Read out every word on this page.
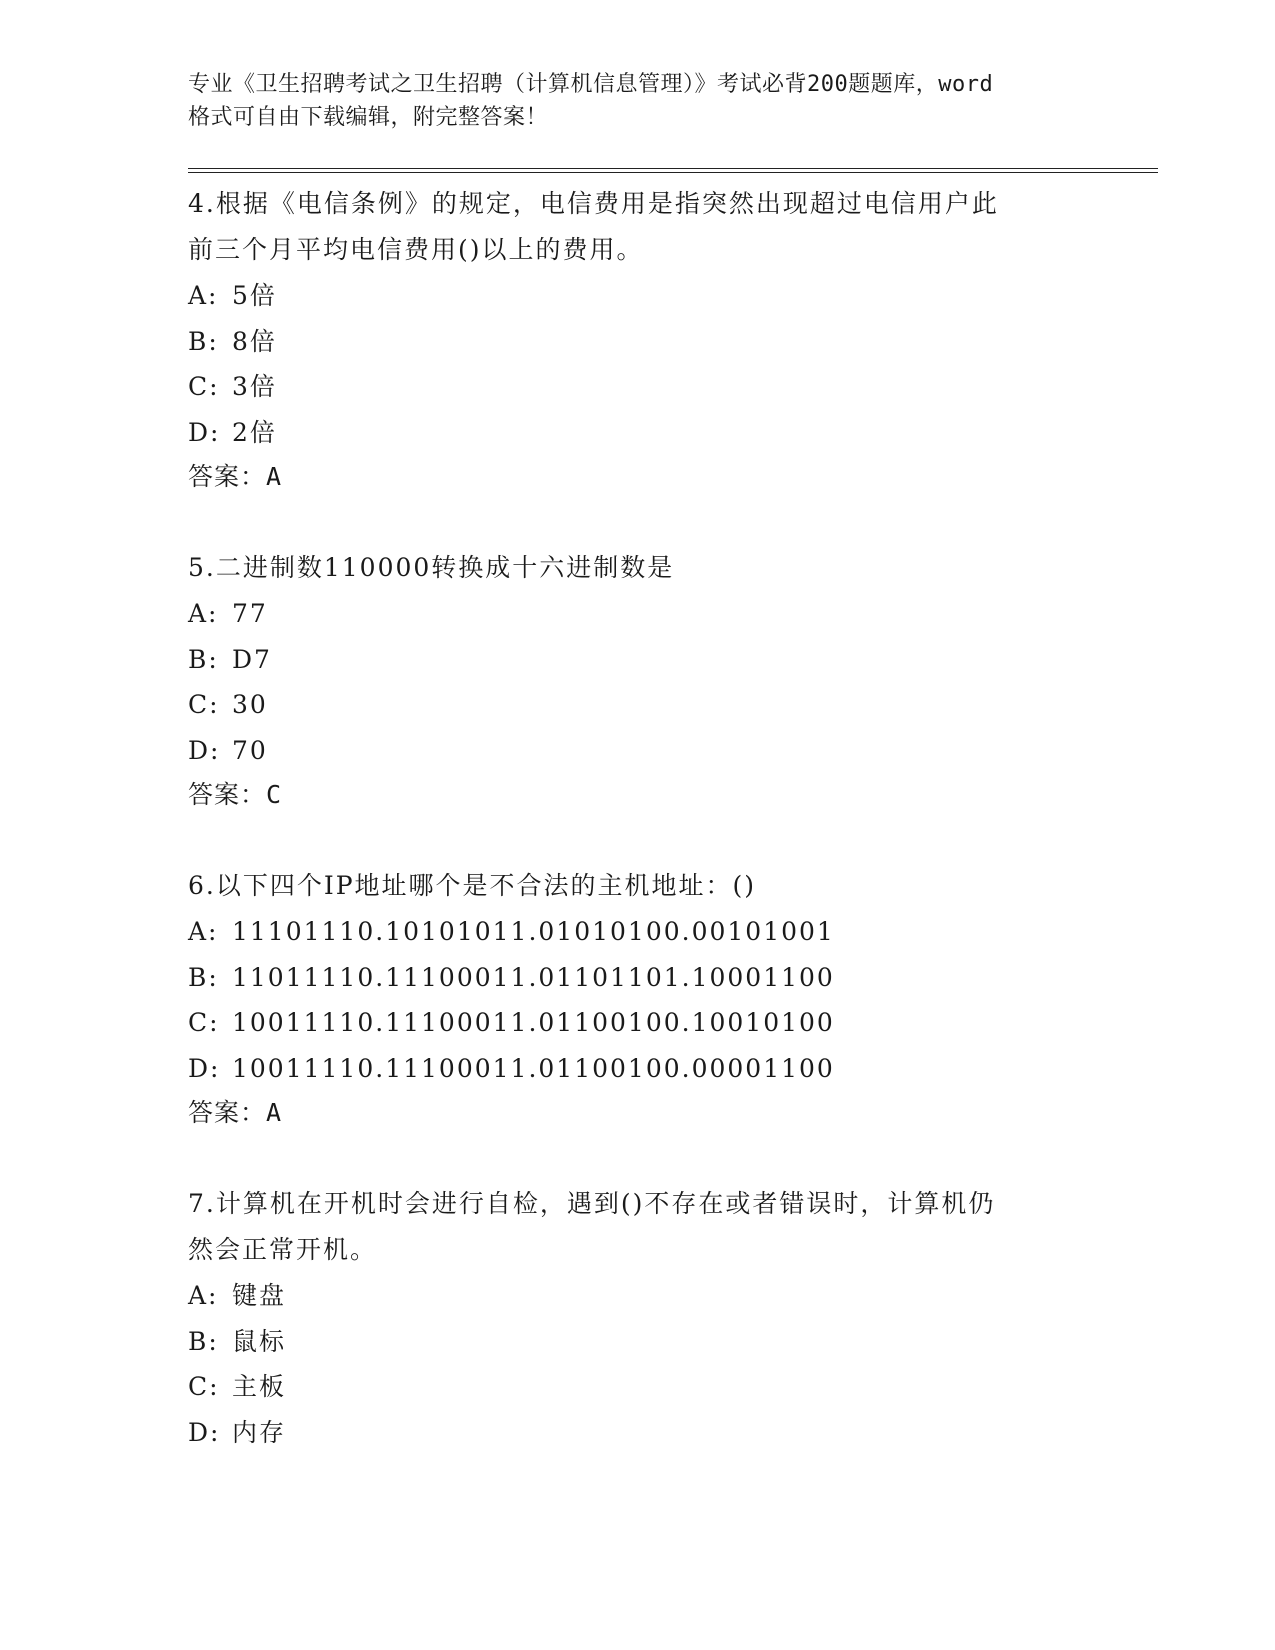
专业《卫生招聘考试之卫生招聘（计算机信息管理）》考试必背200题题库，word
格式可自由下载编辑，附完整答案！
4.根据《电信条例》的规定，电信费用是指突然出现超过电信用户此
前三个月平均电信费用()以上的费用。
A: 5倍
B: 8倍
C: 3倍
D: 2倍
答案：A
5.二进制数110000转换成十六进制数是
A: 77
B: D7
C: 30
D: 70
答案：C
6.以下四个IP地址哪个是不合法的主机地址：()
A: 11101110.10101011.01010100.00101001
B: 11011110.11100011.01101101.10001100
C: 10011110.11100011.01100100.10010100
D: 10011110.11100011.01100100.00001100
答案：A
7.计算机在开机时会进行自检，遇到()不存在或者错误时，计算机仍
然会正常开机。
A: 键盘
B: 鼠标
C: 主板
D: 内存
